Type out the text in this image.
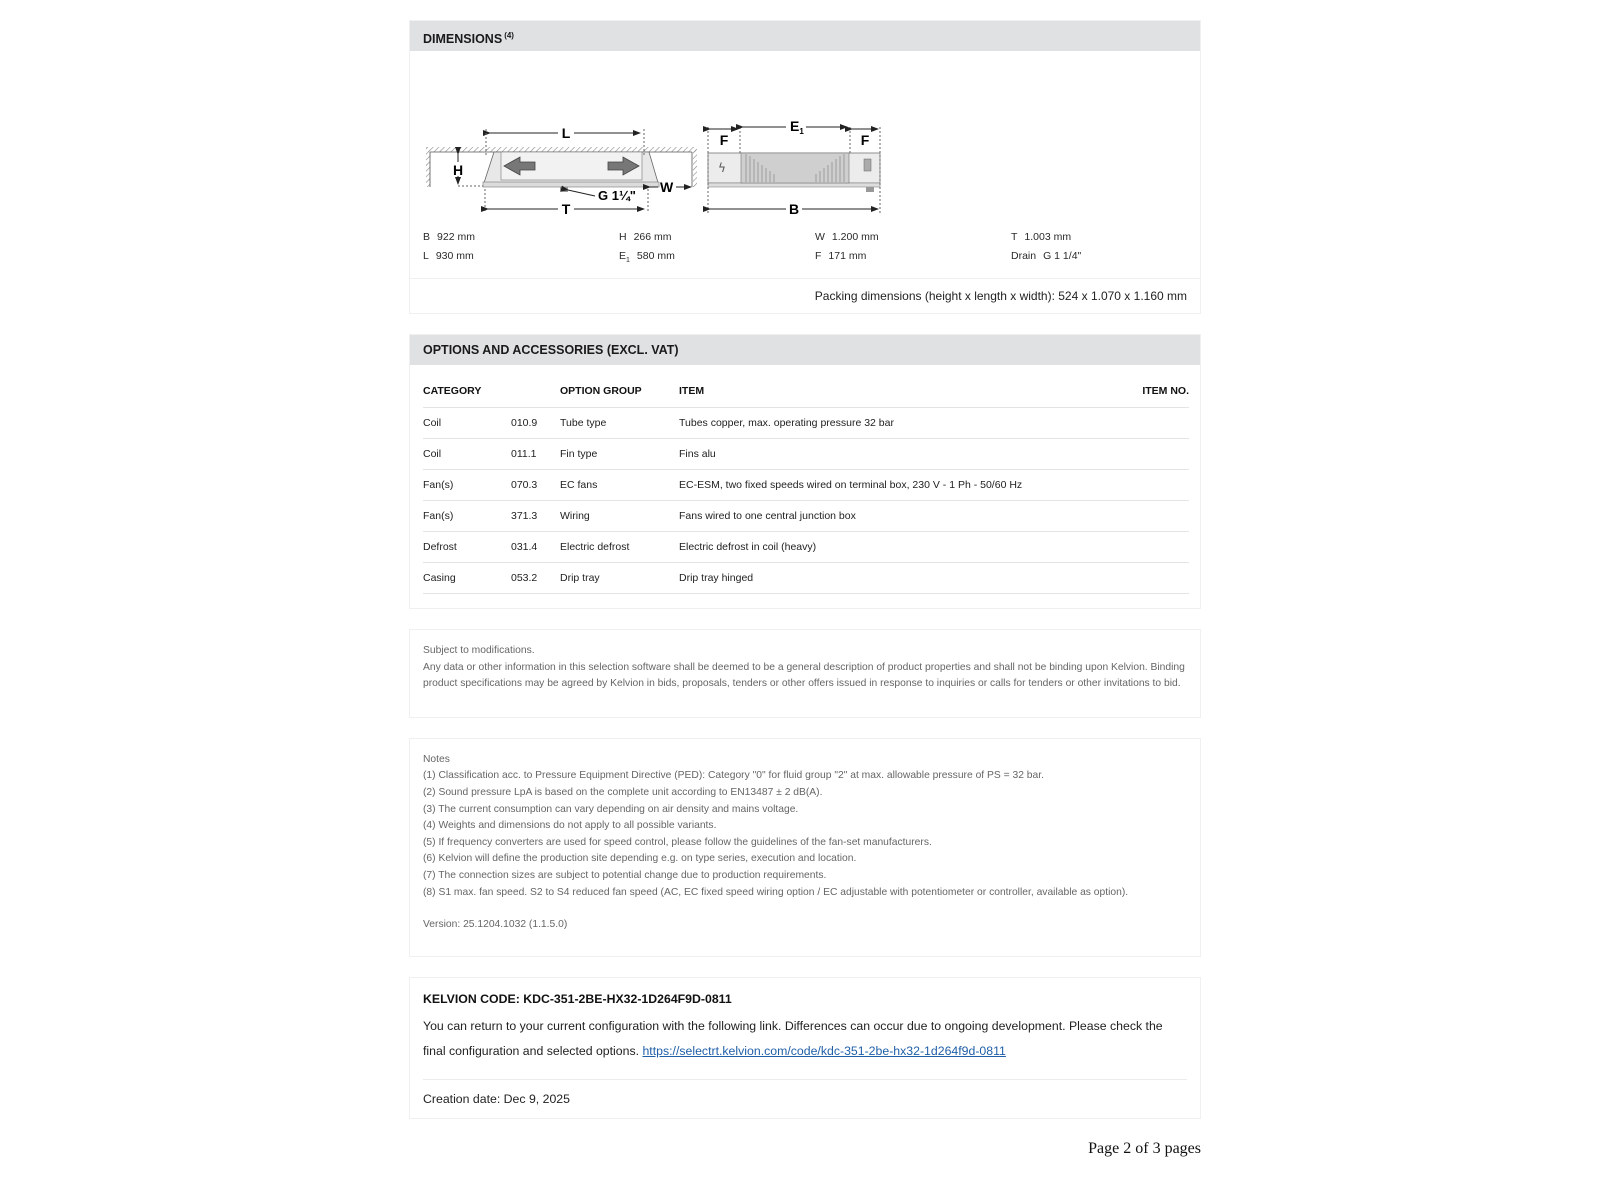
DIMENSIONS $^{(4)}$
L
H
T
G 1¼"
W
ϟ
$E_1$
F	F
B
B 922 mm	H 266 mm	W 1.200 mm	T 1.003 mm
L 930 mm	$E_1$ 580 mm	F 171 mm	Drain G 1 1/4"
Packing dimensions (height x length x width): 524 x 1.070 x 1.160 mm
OPTIONS AND ACCESSORIES (EXCL. VAT)
CATEGORY		OPTION GROUP	ITEM	ITEM NO.
Coil	010.9	Tube type	Tubes copper, max. operating pressure 32 bar	
Coil	011.1	Fin type	Fins alu	
Fan(s)	070.3	EC fans	EC-ESM, two fixed speeds wired on terminal box, 230 V - 1 Ph - 50/60 Hz	
Fan(s)	371.3	Wiring	Fans wired to one central junction box	
Defrost	031.4	Electric defrost	Electric defrost in coil (heavy)	
Casing	053.2	Drip tray	Drip tray hinged	
Subject to modifications.
Any data or other information in this selection software shall be deemed to be a general description of product properties and shall not be binding upon Kelvion. Binding product specifications may be agreed by Kelvion in bids, proposals, tenders or other offers issued in response to inquiries or calls for tenders or other invitations to bid.
Notes
(1) Classification acc. to Pressure Equipment Directive (PED): Category "0" for fluid group "2" at max. allowable pressure of PS = 32 bar.
(2) Sound pressure LpA is based on the complete unit according to EN13487 ± 2 dB(A).
(3) The current consumption can vary depending on air density and mains voltage.
(4) Weights and dimensions do not apply to all possible variants.
(5) If frequency converters are used for speed control, please follow the guidelines of the fan-set manufacturers.
(6) Kelvion will define the production site depending e.g. on type series, execution and location.
(7) The connection sizes are subject to potential change due to production requirements.
(8) S1 max. fan speed. S2 to S4 reduced fan speed (AC, EC fixed speed wiring option / EC adjustable with potentiometer or controller, available as option).
Version: 25.1204.1032 (1.1.5.0)
KELVION CODE: KDC-351-2BE-HX32-1D264F9D-0811
You can return to your current configuration with the following link. Differences can occur due to ongoing development. Please check the final configuration and selected options. https://selectrt.kelvion.com/code/kdc-351-2be-hx32-1d264f9d-0811
Creation date: Dec 9, 2025
Page 2 of 3 pages
